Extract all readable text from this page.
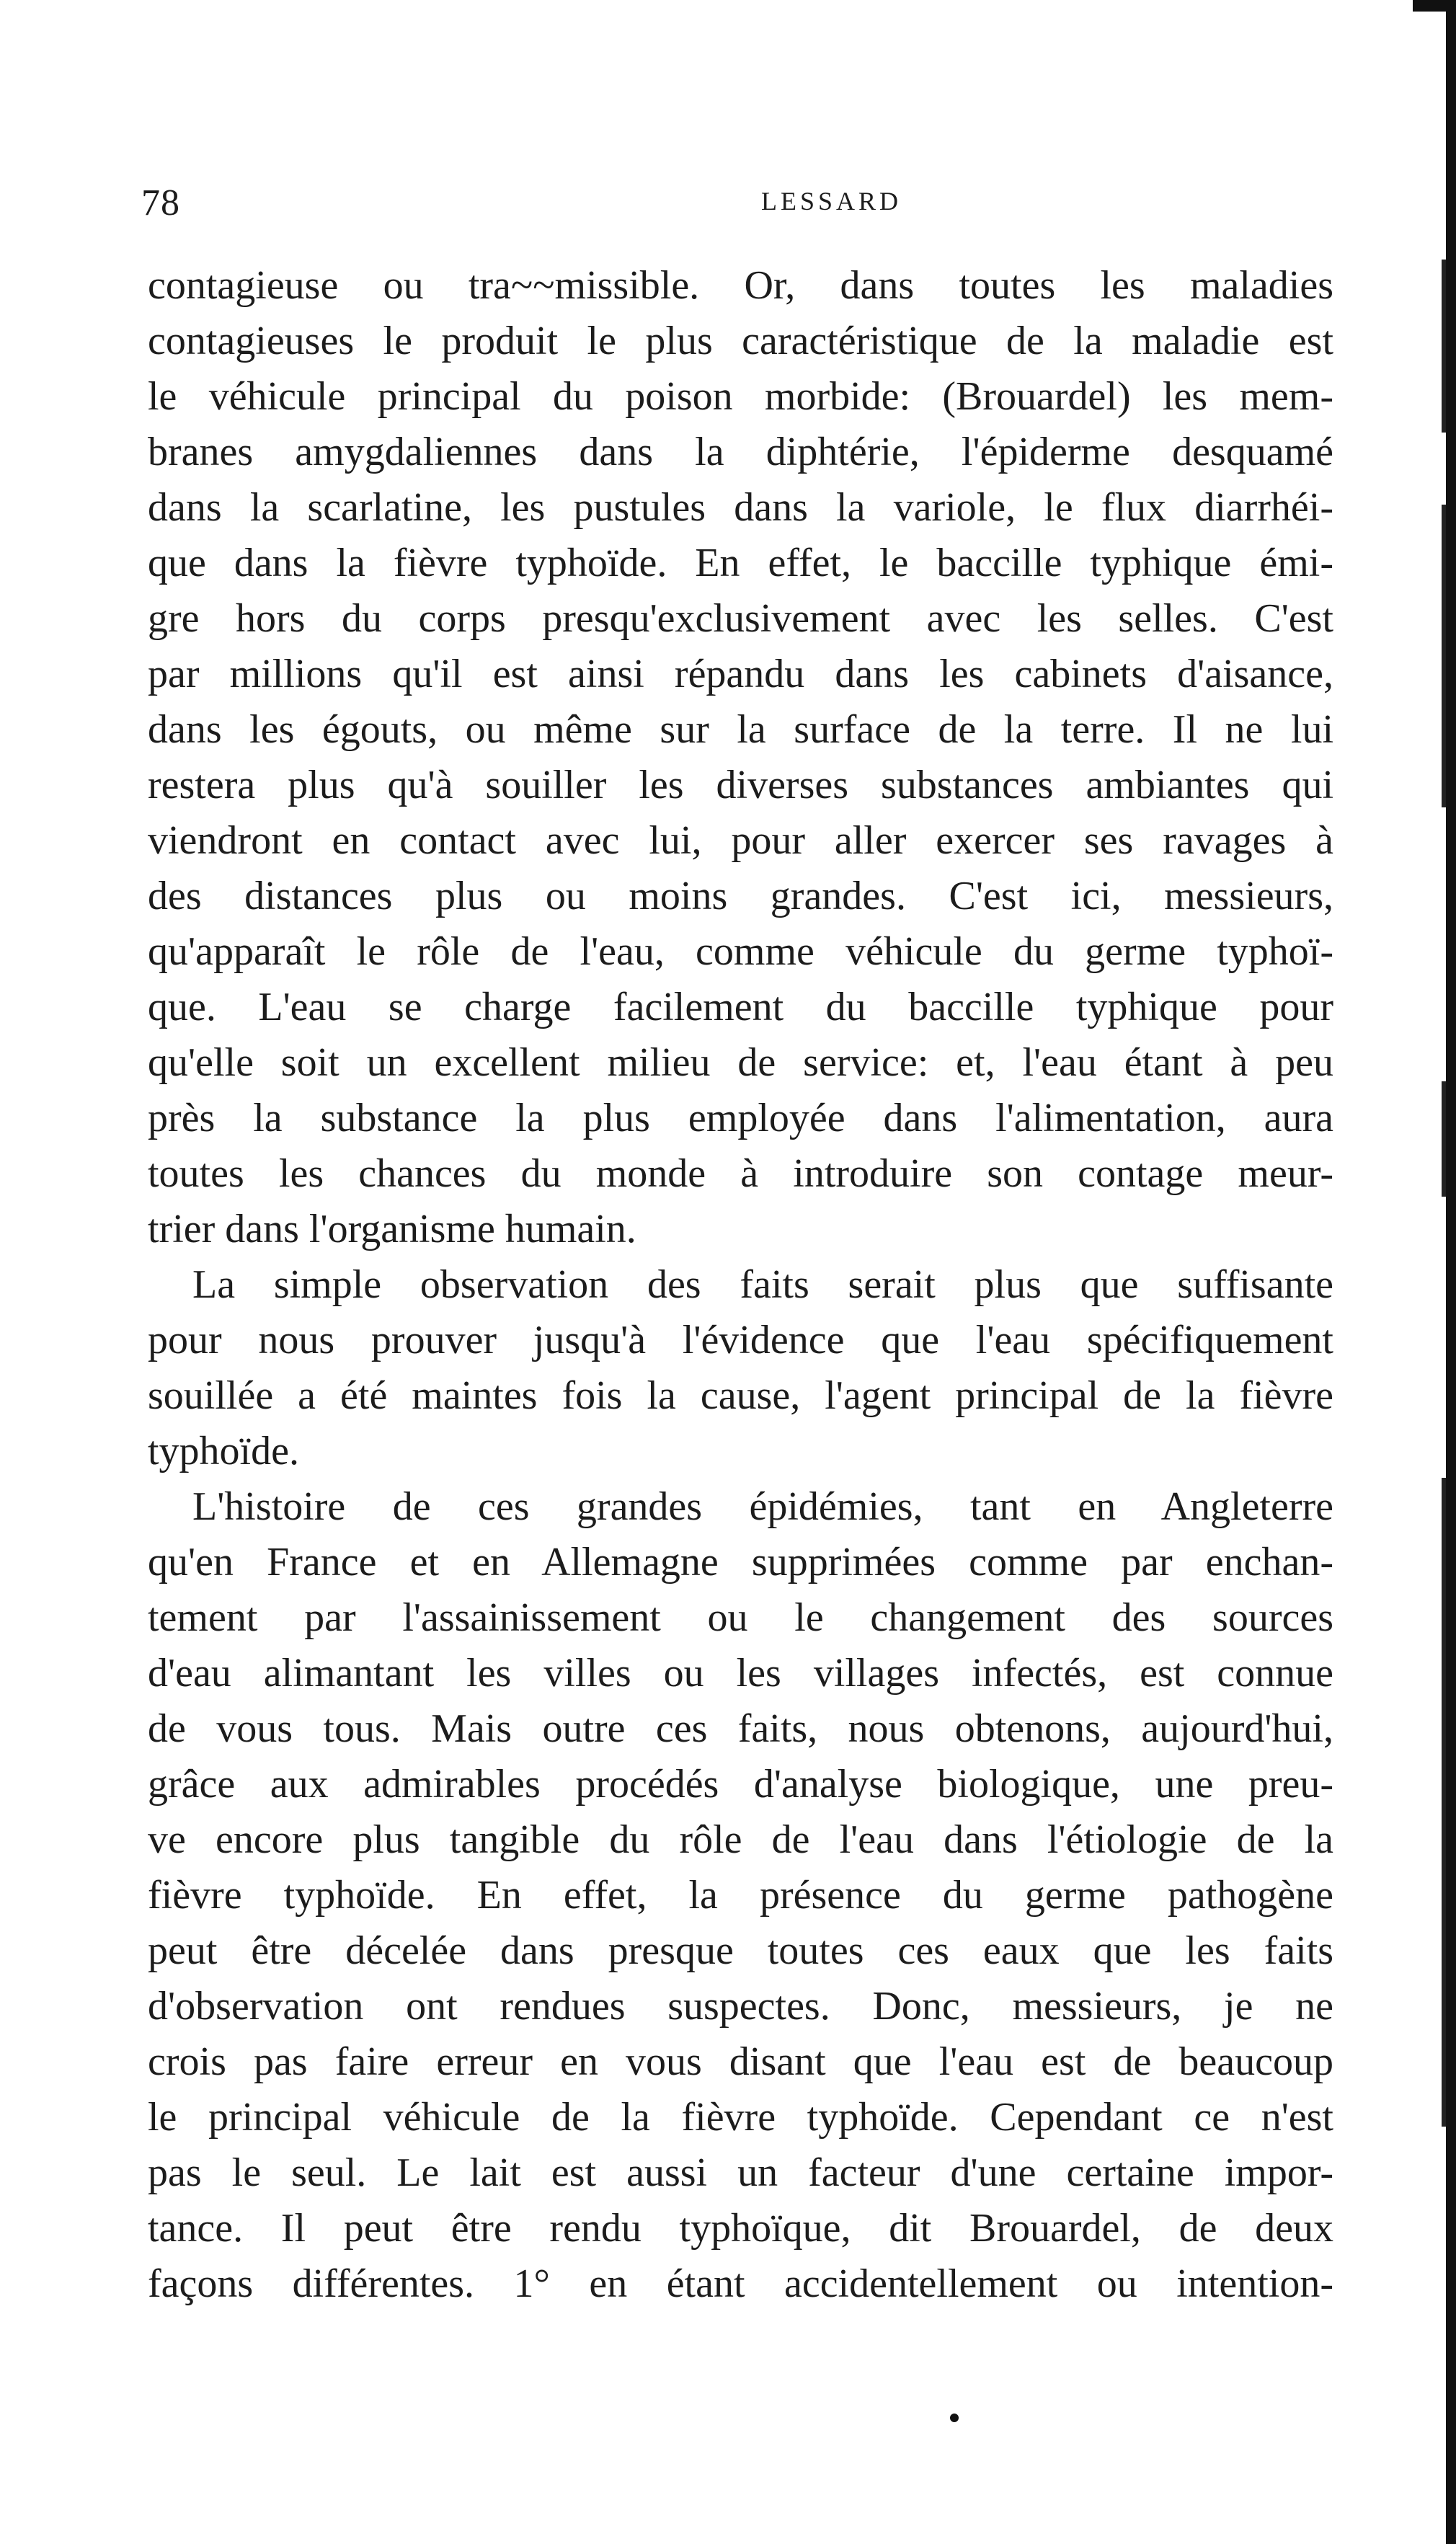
78	LESSARD
contagieuse ou tra~~missible. Or, dans toutes les maladies
contagieuses le produit le plus caractéristique de la maladie est
le véhicule principal du poison morbide: (Brouardel) les mem-
branes amygdaliennes dans la diphtérie, l'épiderme desquamé
dans la scarlatine, les pustules dans la variole, le flux diarrhéi-
que dans la fièvre typhoïde. En effet, le baccille typhique émi-
gre hors du corps presqu'exclusivement avec les selles. C'est
par millions qu'il est ainsi répandu dans les cabinets d'aisance,
dans les égouts, ou même sur la surface de la terre. Il ne lui
restera plus qu'à souiller les diverses substances ambiantes qui
viendront en contact avec lui, pour aller exercer ses ravages à
des distances plus ou moins grandes. C'est ici, messieurs,
qu'apparaît le rôle de l'eau, comme véhicule du germe typhoï-
que. L'eau se charge facilement du baccille typhique pour
qu'elle soit un excellent milieu de service: et, l'eau étant à peu
près la substance la plus employée dans l'alimentation, aura
toutes les chances du monde à introduire son contage meur-
trier dans l'organisme humain.
La simple observation des faits serait plus que suffisante
pour nous prouver jusqu'à l'évidence que l'eau spécifiquement
souillée a été maintes fois la cause, l'agent principal de la fièvre
typhoïde.
L'histoire de ces grandes épidémies, tant en Angleterre
qu'en France et en Allemagne supprimées comme par enchan-
tement par l'assainissement ou le changement des sources
d'eau alimantant les villes ou les villages infectés, est connue
de vous tous. Mais outre ces faits, nous obtenons, aujourd'hui,
grâce aux admirables procédés d'analyse biologique, une preu-
ve encore plus tangible du rôle de l'eau dans l'étiologie de la
fièvre typhoïde. En effet, la présence du germe pathogène
peut être décelée dans presque toutes ces eaux que les faits
d'observation ont rendues suspectes. Donc, messieurs, je ne
crois pas faire erreur en vous disant que l'eau est de beaucoup
le principal véhicule de la fièvre typhoïde. Cependant ce n'est
pas le seul. Le lait est aussi un facteur d'une certaine impor-
tance. Il peut être rendu typhoïque, dit Brouardel, de deux
façons différentes. 1° en étant accidentellement ou intention-
